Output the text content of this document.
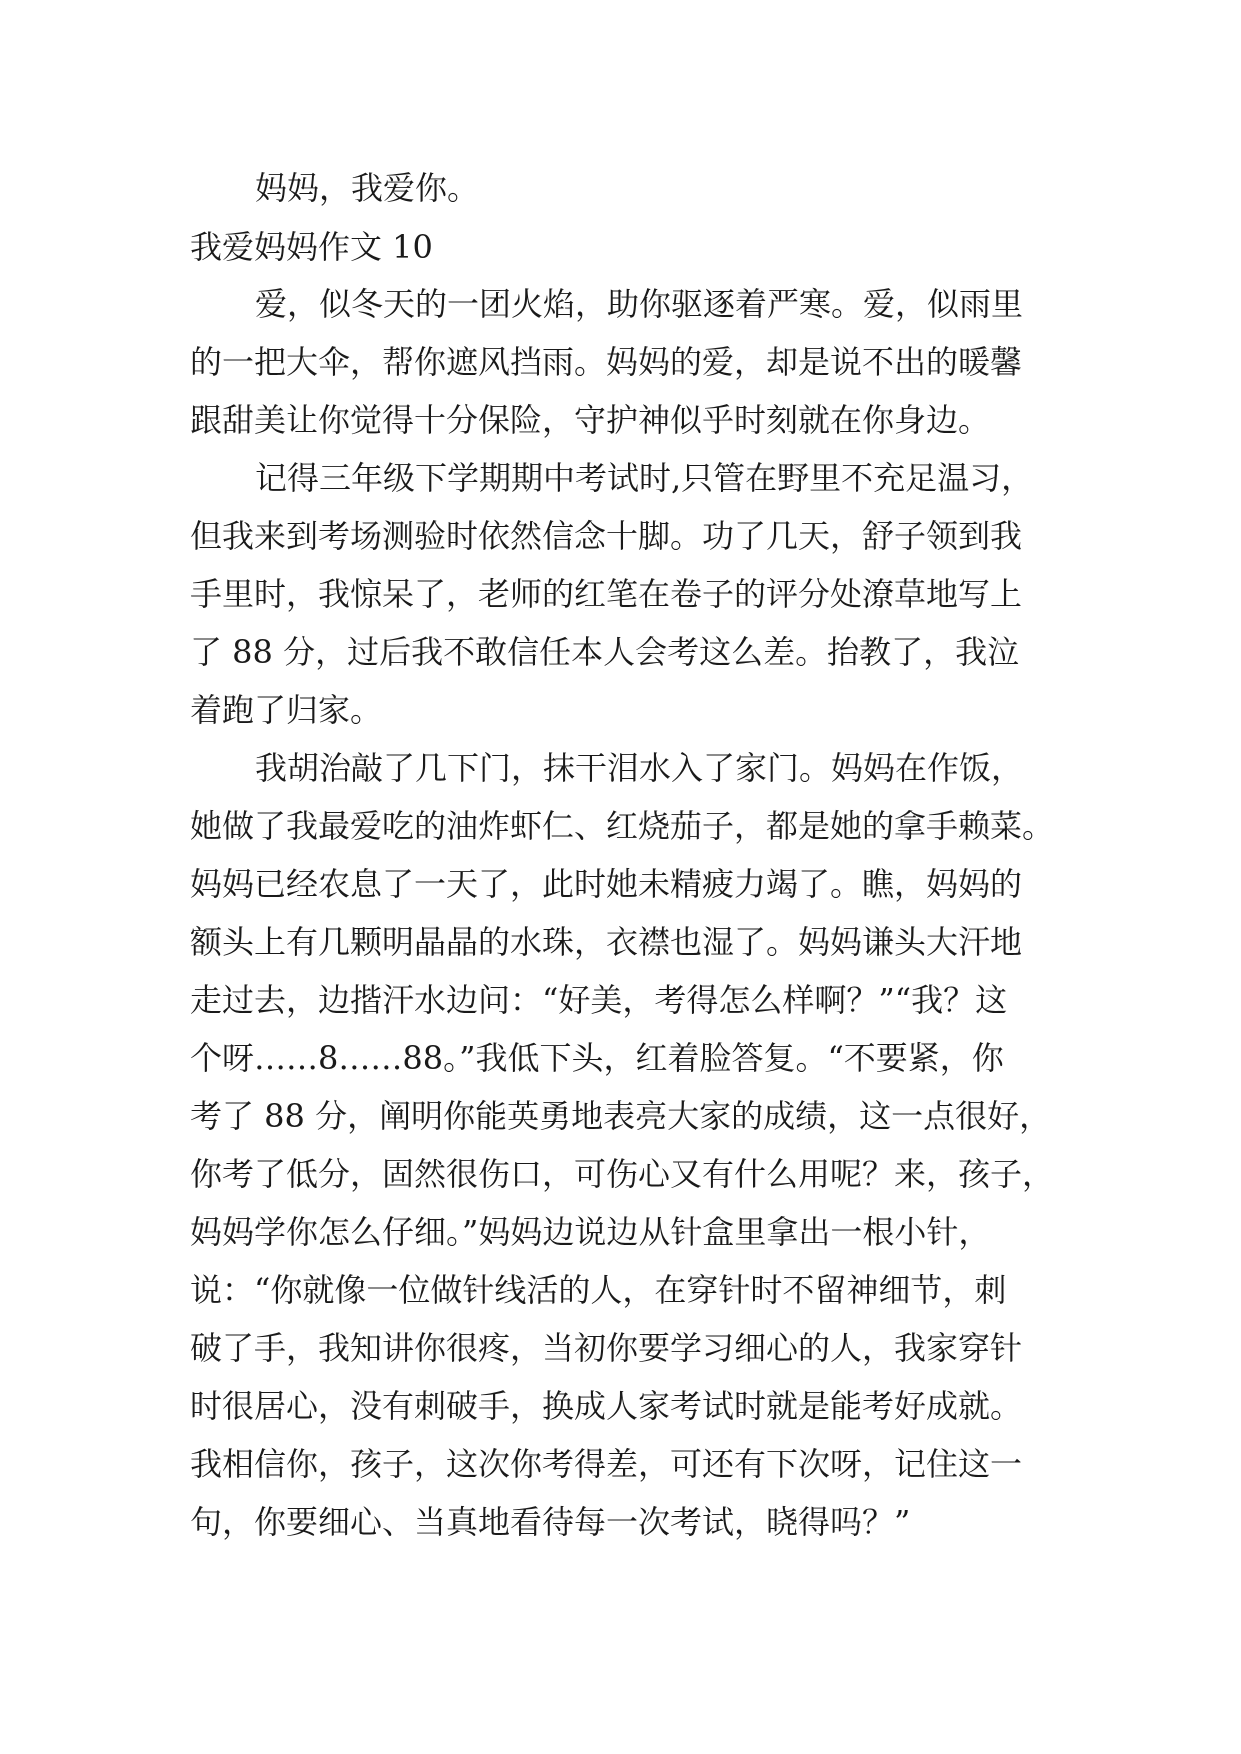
妈妈，我爱你。
我爱妈妈作文 10
爱，似冬天的一团火焰，助你驱逐着严寒。爱，似雨里
的一把大伞，帮你遮风挡雨。妈妈的爱，却是说不出的暖馨
跟甜美让你觉得十分保险，守护神似乎时刻就在你身边。
记得三年级下学期期中考试时,只管在野里不充足温习，
但我来到考场测验时依然信念十脚。功了几天，舒子领到我
手里时，我惊呆了，老师的红笔在卷子的评分处潦草地写上
了 88 分，过后我不敢信任本人会考这么差。抬教了，我泣
着跑了归家。
我胡治敲了几下门，抹干泪水入了家门。妈妈在作饭，
她做了我最爱吃的油炸虾仁、红烧茄子，都是她的拿手赖菜。
妈妈已经农息了一天了，此时她未精疲力竭了。瞧，妈妈的
额头上有几颗明晶晶的水珠，衣襟也湿了。妈妈谦头大汗地
走过去，边揩汗水边问：“好美，考得怎么样啊？”“我？这
个呀……8……88。”我低下头，红着脸答复。“不要紧，你
考了 88 分，阐明你能英勇地表亮大家的成绩，这一点很好，
你考了低分，固然很伤口，可伤心又有什么用呢？来，孩子，
妈妈学你怎么仔细。”妈妈边说边从针盒里拿出一根小针，
说：“你就像一位做针线活的人，在穿针时不留神细节，刺
破了手，我知讲你很疼，当初你要学习细心的人，我家穿针
时很居心，没有刺破手，换成人家考试时就是能考好成就。
我相信你，孩子，这次你考得差，可还有下次呀，记住这一
句，你要细心、当真地看待每一次考试，晓得吗？”
